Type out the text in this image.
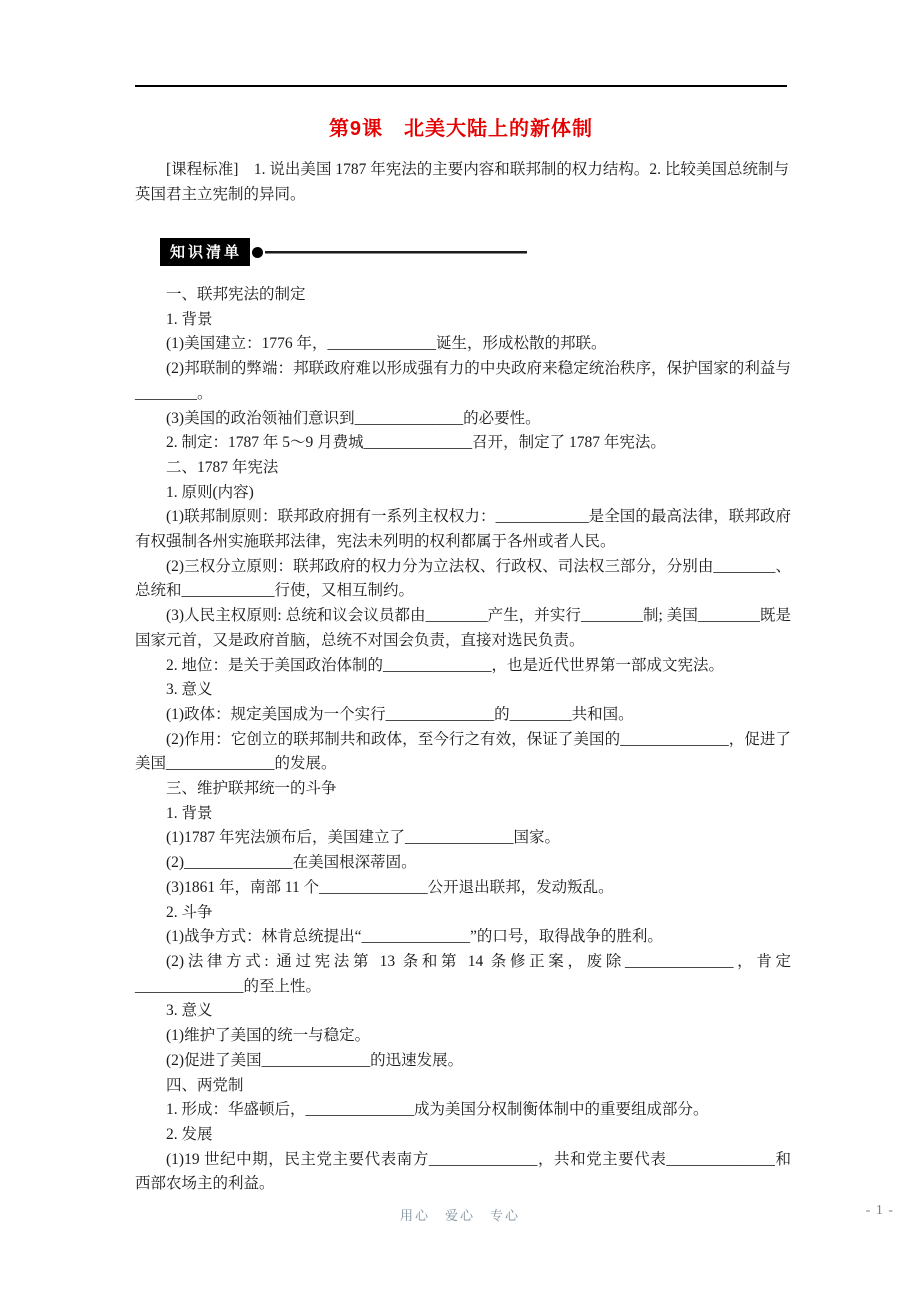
第9课　北美大陆上的新体制

[课程标准]　1. 说出美国 1787 年宪法的主要内容和联邦制的权力结构。2. 比较美国总统制与英国君主立宪制的异同。

知识清单

一、联邦宪法的制定

1. 背景

(1)美国建立：1776 年，______________诞生，形成松散的邦联。

(2)邦联制的弊端：邦联政府难以形成强有力的中央政府来稳定统治秩序，保护国家的利益与________。

(3)美国的政治领袖们意识到______________的必要性。

2. 制定：1787 年 5～9 月费城______________召开，制定了 1787 年宪法。

二、1787 年宪法

1. 原则(内容)

(1)联邦制原则：联邦政府拥有一系列主权权力：____________是全国的最高法律，联邦政府有权强制各州实施联邦法律，宪法未列明的权利都属于各州或者人民。

(2)三权分立原则：联邦政府的权力分为立法权、行政权、司法权三部分，分别由________、总统和____________行使，又相互制约。

(3)人民主权原则: 总统和议会议员都由________产生，并实行________制; 美国________既是国家元首，又是政府首脑，总统不对国会负责，直接对选民负责。

2. 地位：是关于美国政治体制的______________，也是近代世界第一部成文宪法。

3. 意义

(1)政体：规定美国成为一个实行______________的________共和国。

(2)作用：它创立的联邦制共和政体，至今行之有效，保证了美国的______________，促进了美国______________的发展。

三、维护联邦统一的斗争

1. 背景

(1)1787 年宪法颁布后，美国建立了______________国家。

(2)______________在美国根深蒂固。

(3)1861 年，南部 11 个______________公开退出联邦，发动叛乱。

2. 斗争

(1)战争方式：林肯总统提出“______________”的口号，取得战争的胜利。

(2)法律方式: 通过宪法第 13 条和第 14 条修正案，废除______________，肯定______________的至上性。

3. 意义

(1)维护了美国的统一与稳定。

(2)促进了美国______________的迅速发展。

四、两党制

1. 形成：华盛顿后，______________成为美国分权制衡体制中的重要组成部分。

2. 发展

(1)19 世纪中期，民主党主要代表南方______________，共和党主要代表______________和西部农场主的利益。

用心　爱心　专心	- 1 -
